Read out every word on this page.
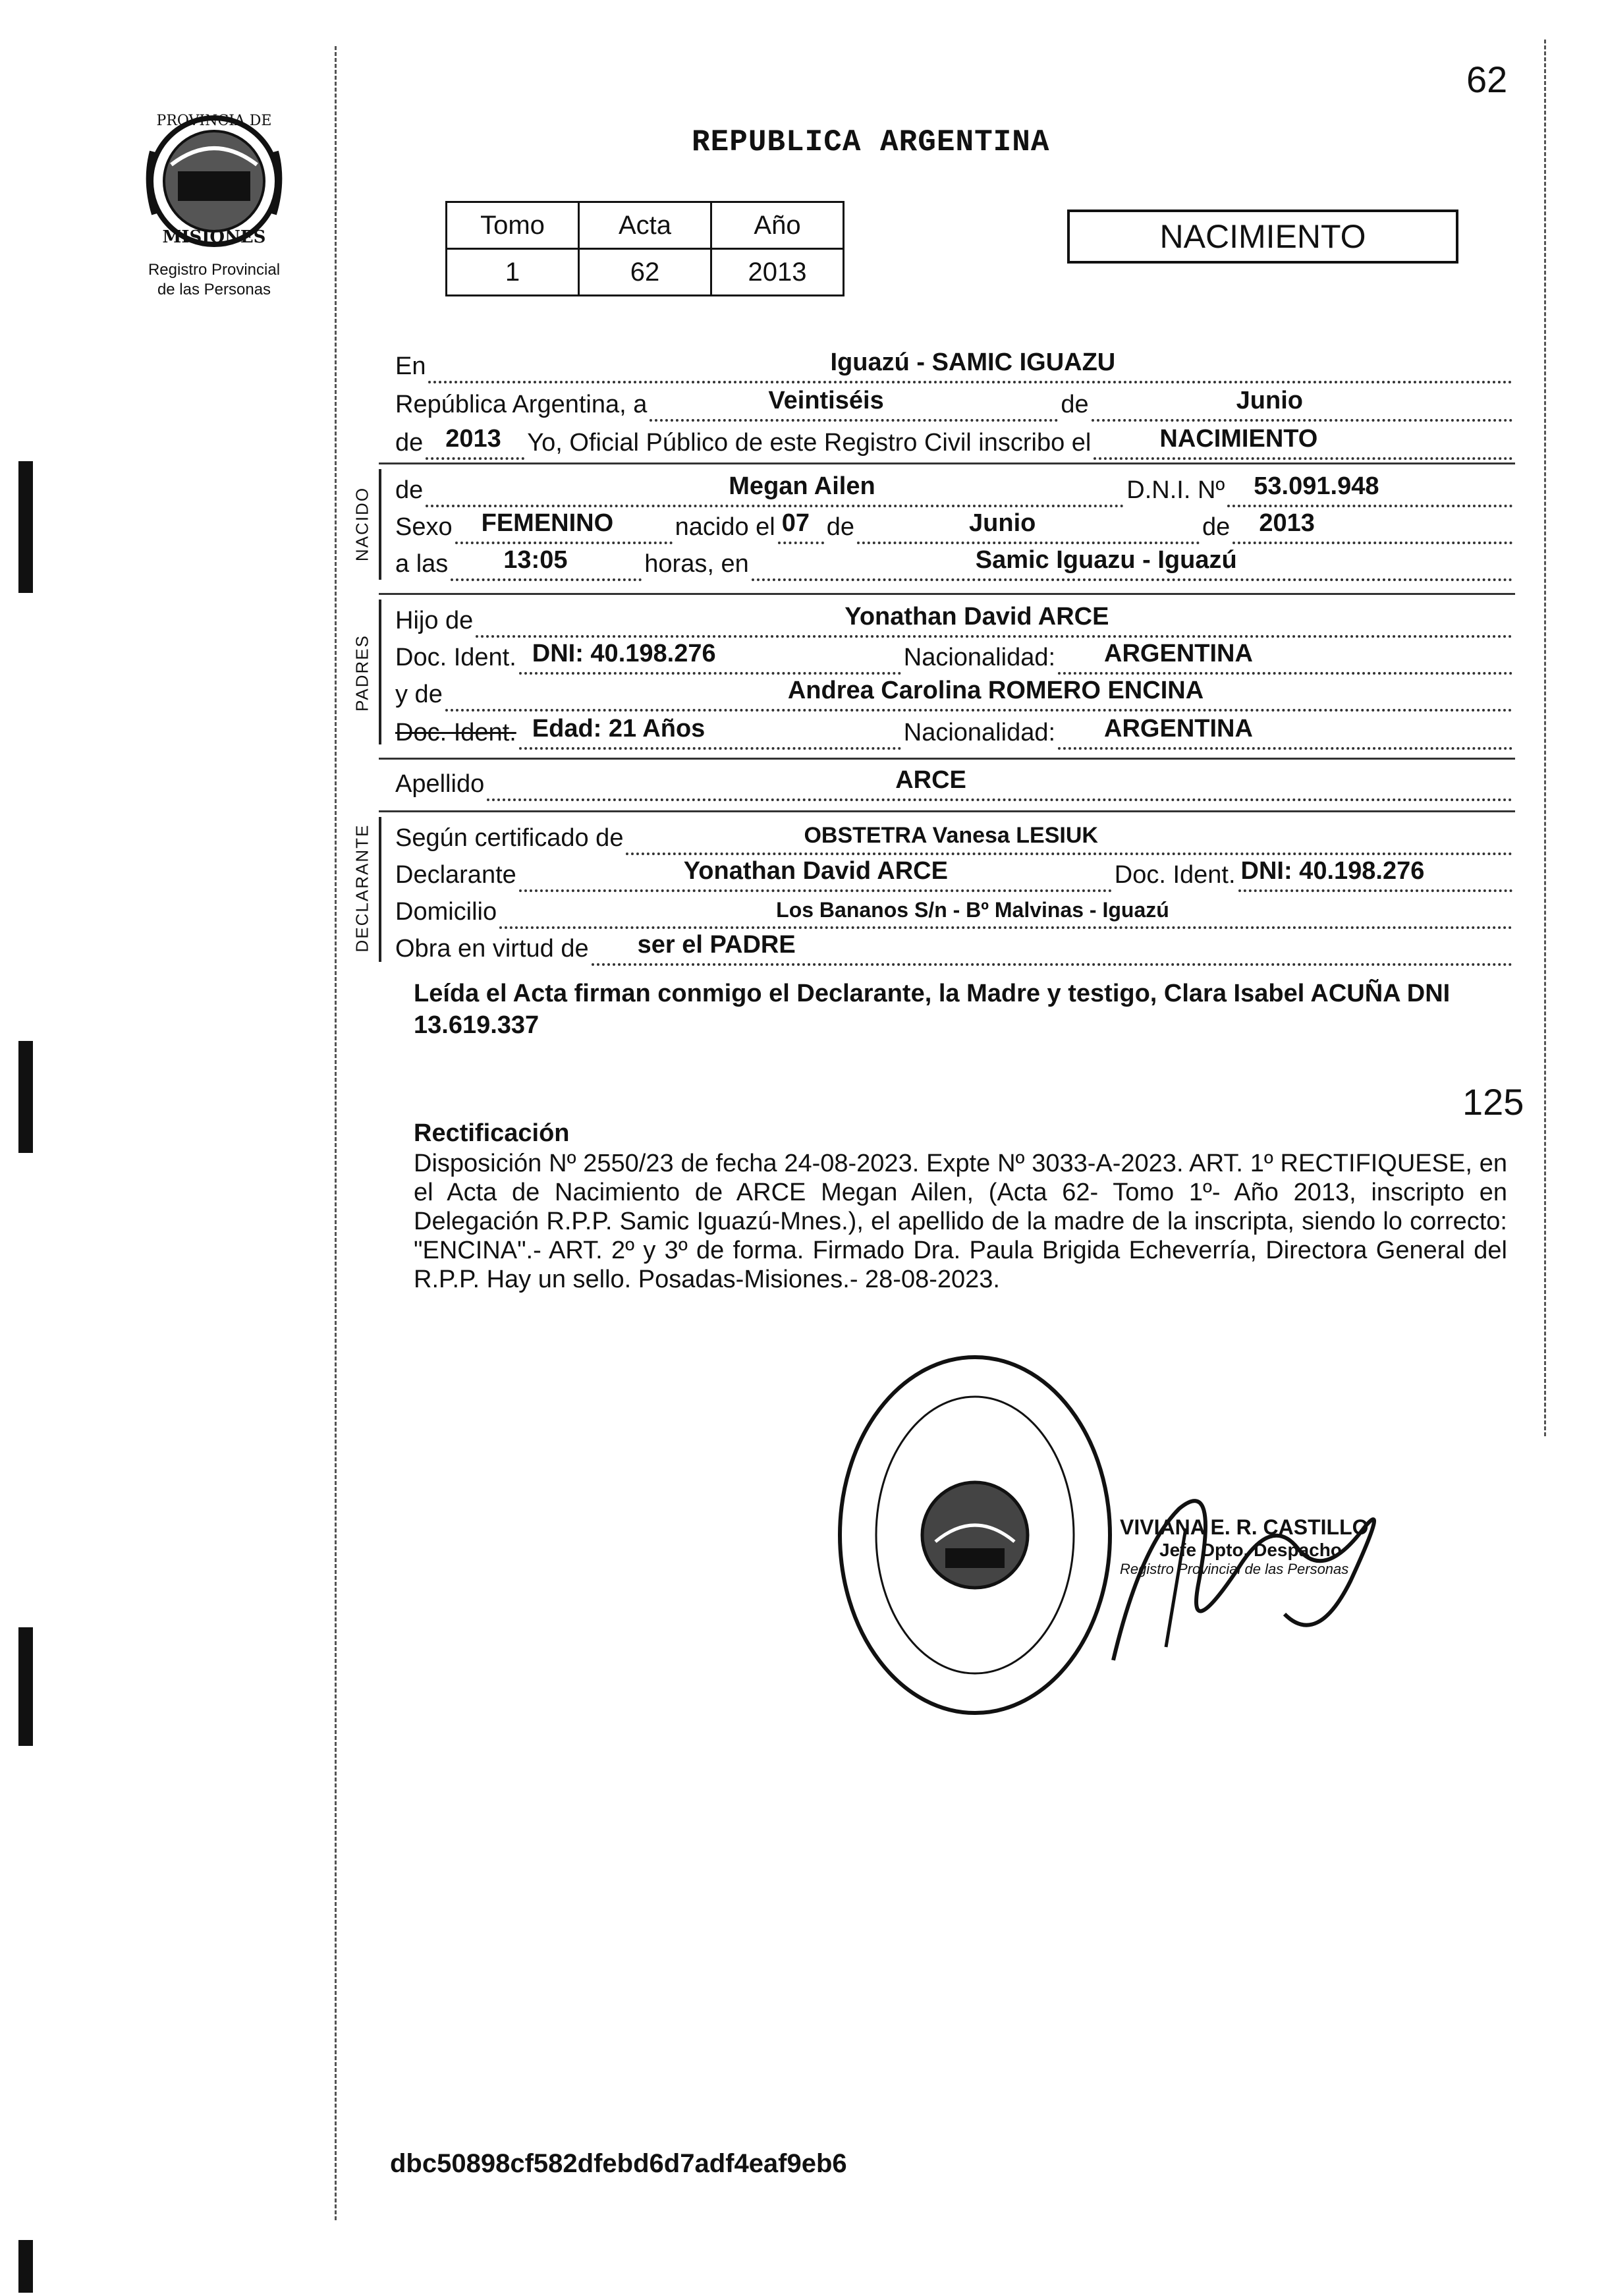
62
PROVINCIA DE
MISIONES
Registro Provincial
de las Personas
REPUBLICA ARGENTINA
Tomo	Acta	Año
1	62	2013
NACIMIENTO
En	Iguazú - SAMIC IGUAZU
República Argentina, a	Veintiséis	de	Junio
de 2013 Yo, Oficial Público de este Registro Civil inscribo el	NACIMIENTO
NACIDO de	Megan Ailen	D.N.I. Nº 53.091.948
Sexo FEMENINO nacido el 07 de	Junio	de 2013
a las 13:05	horas, en	Samic Iguazu - Iguazú
PADRES
Hijo de	Yonathan David ARCE
Doc. Ident. DNI: 40.198.276	Nacionalidad: ARGENTINA
y de	Andrea Carolina ROMERO ENCINA
Doc. Ident. Edad: 21 Años	Nacionalidad: ARGENTINA
Apellido	ARCE
DECLARANTE Según certificado de	OBSTETRA Vanesa LESIUK
Declarante	Yonathan David ARCE	Doc. Ident. DNI: 40.198.276
Domicilio	Los Bananos S/n - Bº Malvinas - Iguazú
Obra en virtud de ser el PADRE
Leída el Acta firman conmigo el Declarante, la Madre y testigo, Clara Isabel ACUÑA DNI 13.619.337
125
Rectificación
Disposición Nº 2550/23 de fecha 24-08-2023. Expte Nº 3033-A-2023. ART. 1º RECTIFIQUESE, en el Acta de Nacimiento de ARCE Megan Ailen, (Acta 62- Tomo 1º- Año 2013, inscripto en Delegación R.P.P. Samic Iguazú-Mnes.), el apellido de la madre de la inscripta, siendo lo correcto: "ENCINA".- ART. 2º y 3º de forma. Firmado Dra. Paula Brigida Echeverría, Directora General del R.P.P. Hay un sello. Posadas-Misiones.- 28-08-2023.
VIVIANA E. R. CASTILLO
Jefe Dpto. Despacho
Registro Provincial de las Personas
dbc50898cf582dfebd6d7adf4eaf9eb6
